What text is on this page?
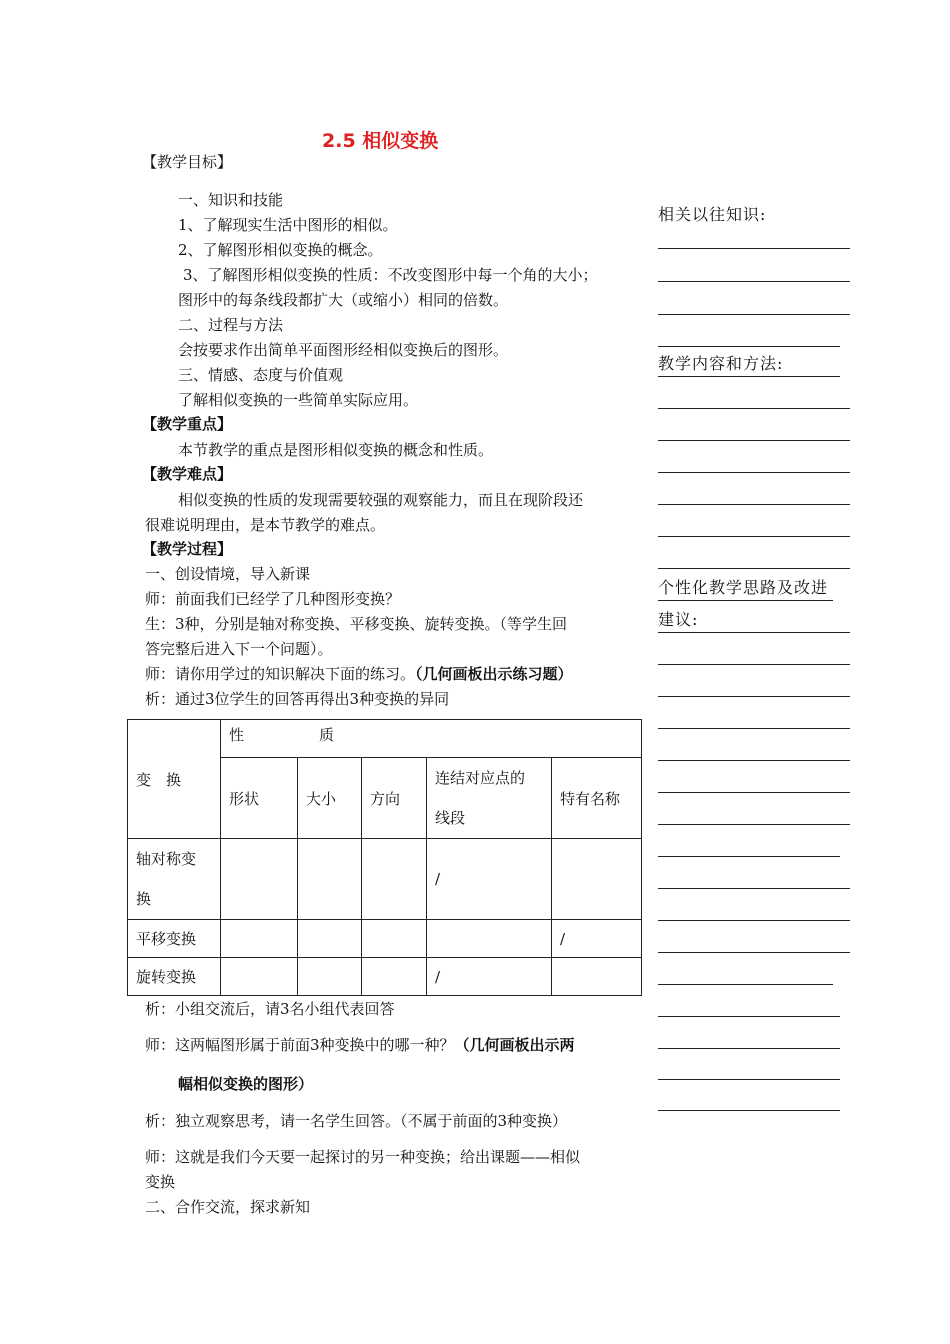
2.5 相似变换
【教学目标】
一、知识和技能
1、了解现实生活中图形的相似。
2、了解图形相似变换的概念。
3、了解图形相似变换的性质：不改变图形中每一个角的大小；
图形中的每条线段都扩大（或缩小）相同的倍数。
二、过程与方法
会按要求作出简单平面图形经相似变换后的图形。
三、情感、态度与价值观
了解相似变换的一些简单实际应用。
【教学重点】
本节教学的重点是图形相似变换的概念和性质。
【教学难点】
相似变换的性质的发现需要较强的观察能力，而且在现阶段还
很难说明理由，是本节教学的难点。
【教学过程】
一、创设情境，导入新课
师：前面我们已经学了几种图形变换？
生：3种，分别是轴对称变换、平移变换、旋转变换。（等学生回
答完整后进入下一个问题）。
师：请你用学过的知识解决下面的练习。（几何画板出示练习题）
析：通过3位学生的回答再得出3种变换的异同
变　换	性　　　　　质				
	形状	大小	方向	连结对应点的
线段	特有名称

轴对称变
换				/	
平移变换					/
旋转变换				/	
析：小组交流后，请3名小组代表回答
师：这两幅图形属于前面3种变换中的哪一种？（几何画板出示两
幅相似变换的图形）
析：独立观察思考，请一名学生回答。（不属于前面的3种变换）
师：这就是我们今天要一起探讨的另一种变换；给出课题——相似
变换
二、合作交流，探求新知
相关以往知识:
教学内容和方法:
个性化教学思路及改进
建议:
